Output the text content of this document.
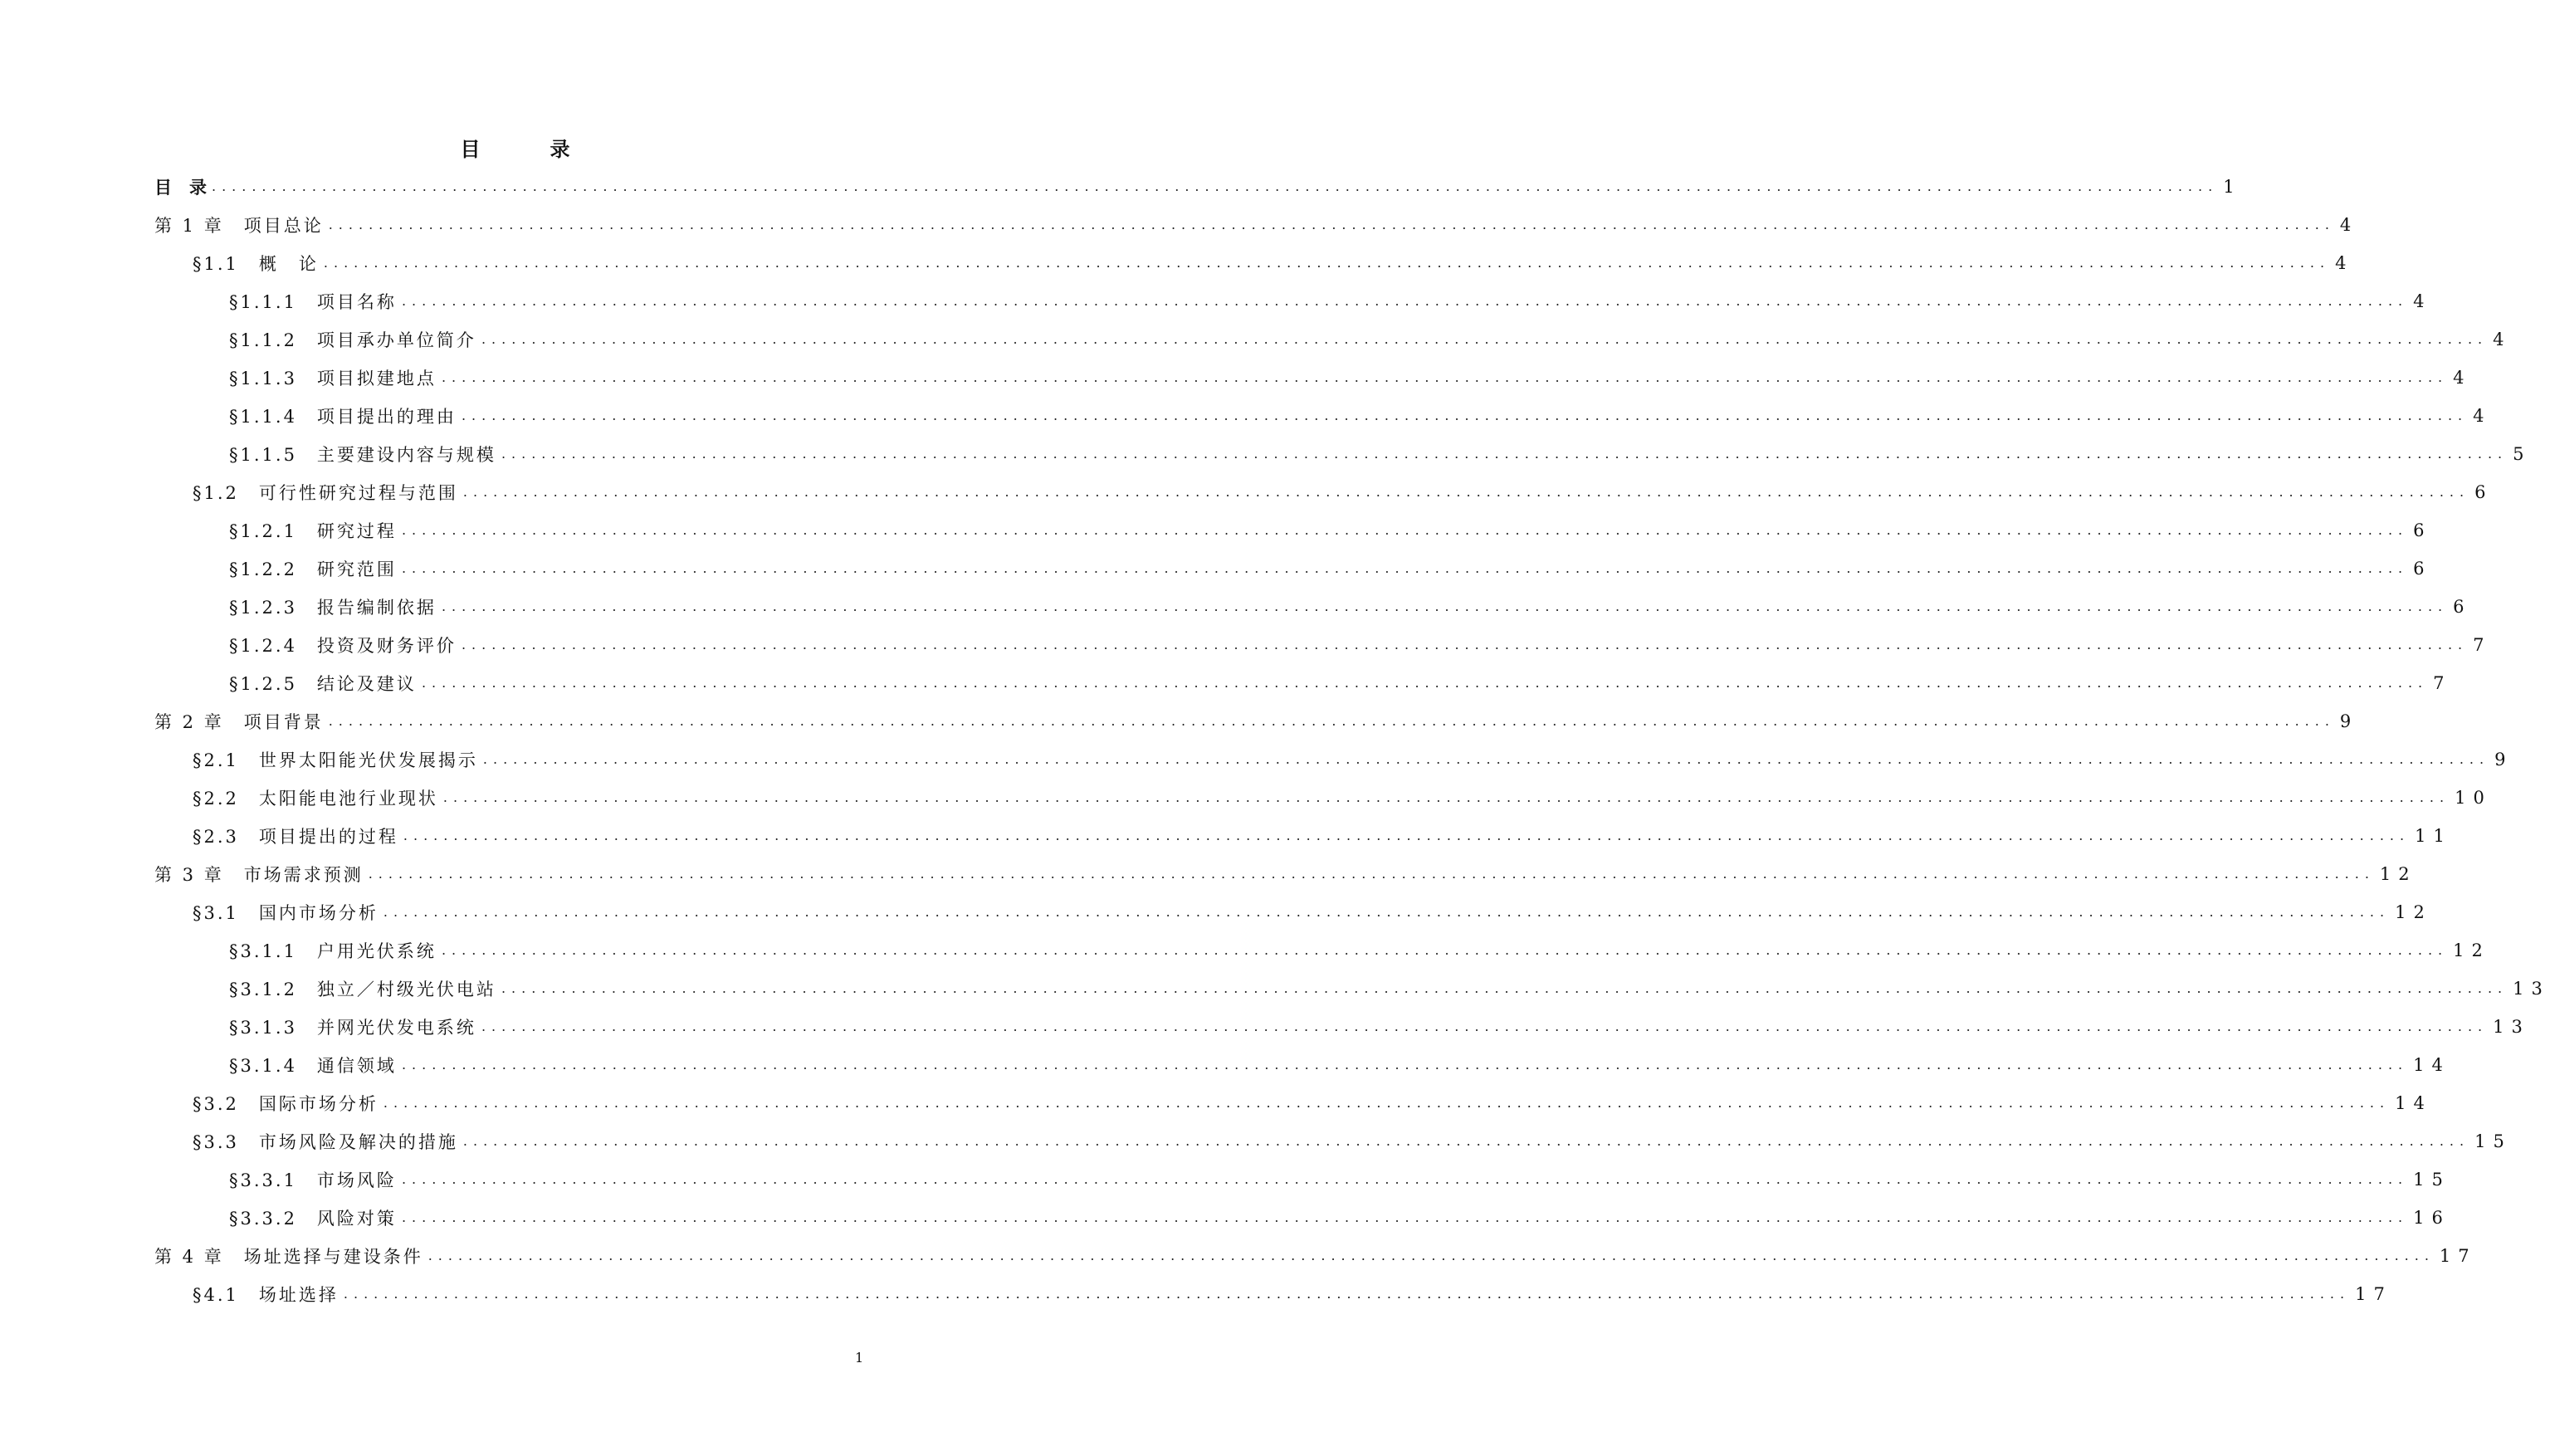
目　录
目　录 ........................................................................................................................................................................................................ 1
第 1 章　项目总论 ........................................................................................................................................................................................................ 4
§1.1　概　论 ........................................................................................................................................................................................................ 4
§1.1.1　项目名称 ........................................................................................................................................................................................................ 4
§1.1.2　项目承办单位简介 ........................................................................................................................................................................................................ 4
§1.1.3　项目拟建地点 ........................................................................................................................................................................................................ 4
§1.1.4　项目提出的理由 ........................................................................................................................................................................................................ 4
§1.1.5　主要建设内容与规模 ........................................................................................................................................................................................................ 5
§1.2　可行性研究过程与范围 ........................................................................................................................................................................................................ 6
§1.2.1　研究过程 ........................................................................................................................................................................................................ 6
§1.2.2　研究范围 ........................................................................................................................................................................................................ 6
§1.2.3　报告编制依据 ........................................................................................................................................................................................................ 6
§1.2.4　投资及财务评价 ........................................................................................................................................................................................................ 7
§1.2.5　结论及建议 ........................................................................................................................................................................................................ 7
第 2 章　项目背景 ........................................................................................................................................................................................................ 9
§2.1　世界太阳能光伏发展揭示 ........................................................................................................................................................................................................ 9
§2.2　太阳能电池行业现状 ........................................................................................................................................................................................................ 10
§2.3　项目提出的过程 ........................................................................................................................................................................................................ 11
第 3 章　市场需求预测 ........................................................................................................................................................................................................ 12
§3.1　国内市场分析 ........................................................................................................................................................................................................ 12
§3.1.1　户用光伏系统 ........................................................................................................................................................................................................ 12
§3.1.2　独立／村级光伏电站 ........................................................................................................................................................................................................ 13
§3.1.3　并网光伏发电系统 ........................................................................................................................................................................................................ 13
§3.1.4　通信领域 ........................................................................................................................................................................................................ 14
§3.2　国际市场分析 ........................................................................................................................................................................................................ 14
§3.3　市场风险及解决的措施 ........................................................................................................................................................................................................ 15
§3.3.1　市场风险 ........................................................................................................................................................................................................ 15
§3.3.2　风险对策 ........................................................................................................................................................................................................ 16
第 4 章　场址选择与建设条件 ........................................................................................................................................................................................................ 17
§4.1　场址选择 ........................................................................................................................................................................................................ 17
1
